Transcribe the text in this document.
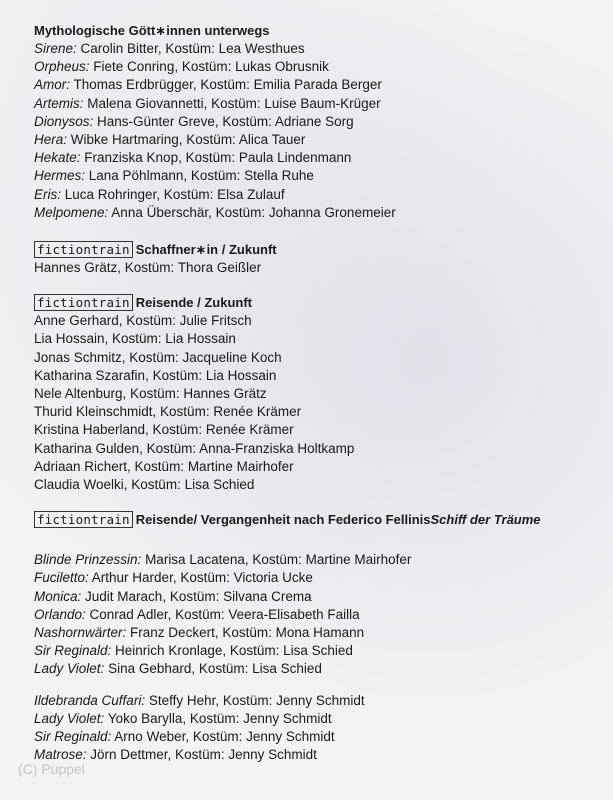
Mythologische Gött∗innen unterwegs
Sirene: Carolin Bitter, Kostüm: Lea Westhues
Orpheus: Fiete Conring, Kostüm: Lukas Obrusnik
Amor: Thomas Erdbrügger, Kostüm: Emilia Parada Berger
Artemis: Malena Giovannetti, Kostüm: Luise Baum-Krüger
Dionysos: Hans-Günter Greve, Kostüm: Adriane Sorg
Hera: Wibke Hartmaring, Kostüm: Alica Tauer
Hekate: Franziska Knop, Kostüm: Paula Lindenmann
Hermes: Lana Pöhlmann, Kostüm: Stella Ruhe
Eris: Luca Rohringer, Kostüm: Elsa Zulauf
Melpomene: Anna Überschär, Kostüm: Johanna Gronemeier
fictiontrain Schaffner∗in / Zukunft
Hannes Grätz, Kostüm: Thora Geißler
fictiontrain Reisende / Zukunft
Anne Gerhard, Kostüm: Julie Fritsch
Lia Hossain, Kostüm: Lia Hossain
Jonas Schmitz, Kostüm: Jacqueline Koch
Katharina Szarafin, Kostüm: Lia Hossain
Nele Altenburg, Kostüm: Hannes Grätz
Thurid Kleinschmidt, Kostüm: Renée Krämer
Kristina Haberland, Kostüm: Renée Krämer
Katharina Gulden, Kostüm: Anna-Franziska Holtkamp
Adriaan Richert, Kostüm: Martine Mairhofer
Claudia Woelki, Kostüm: Lisa Schied
fictiontrain Reisende/ Vergangenheit nach Federico Fellinis Schiff der Träume
Blinde Prinzessin: Marisa Lacatena, Kostüm: Martine Mairhofer
Fuciletto: Arthur Harder, Kostüm: Victoria Ucke
Monica: Judit Marach, Kostüm: Silvana Crema
Orlando: Conrad Adler, Kostüm: Veera-Elisabeth Failla
Nashornwärter: Franz Deckert, Kostüm: Mona Hamann
Sir Reginald: Heinrich Kronlage, Kostüm: Lisa Schied
Lady Violet: Sina Gebhard, Kostüm: Lisa Schied
Ildebranda Cuffari: Steffy Hehr, Kostüm: Jenny Schmidt
Lady Violet: Yoko Barylla, Kostüm: Jenny Schmidt
Sir Reginald: Arno Weber, Kostüm: Jenny Schmidt
Matrose: Jörn Dettmer, Kostüm: Jenny Schmidt
(C) Puppel
